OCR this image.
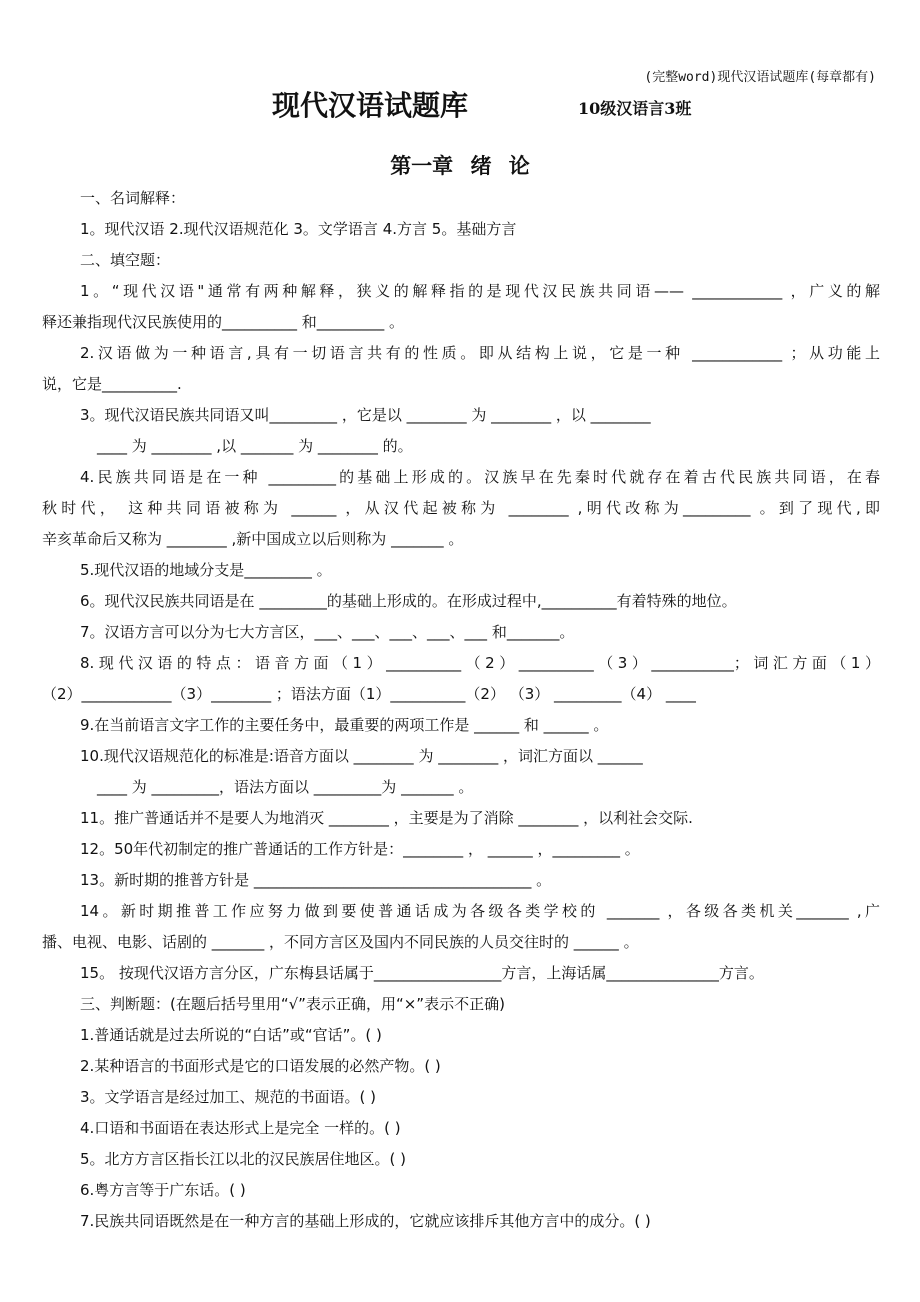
(完整word)现代汉语试题库(每章都有)
现代汉语试题库	10级汉语言3班
第一章 绪 论
一、名词解释：
1。现代汉语 2.现代汉语规范化 3。文学语言 4.方言 5。基础方言
二、填空题：
1。“现代汉语"通常有两种解释，狭义的解释指的是现代汉民族共同语—— ____________ ，广义的解
释还兼指现代汉民族使用的__________ 和_________ 。
2.汉语做为一种语言,具有一切语言共有的性质。即从结构上说，它是一种 ____________ ；从功能上
说，它是__________.
3。现代汉语民族共同语又叫_________ ，它是以 ________ 为 ________ ，以 ________
____ 为 ________ ,以 _______ 为 ________ 的。
4.民族共同语是在一种 _________的基础上形成的。汉族早在先秦时代就存在着古代民族共同语，在春
秋时代， 这种共同语被称为 ______ ，从汉代起被称为 ________ ,明代改称为_________ 。到了现代,即
辛亥革命后又称为 ________ ,新中国成立以后则称为 _______ 。
5.现代汉语的地域分支是_________ 。
6。现代汉民族共同语是在 _________的基础上形成的。在形成过程中,__________有着特殊的地位。
7。汉语方言可以分为七大方言区，___、___、___、___、___ 和_______。
8.现代汉语的特点：语音方面（1）__________（2）__________（3）___________；词汇方面（1）
（2）____________（3）________ ；语法方面（1）__________（2） （3） _________（4） ____
9.在当前语言文字工作的主要任务中，最重要的两项工作是 ______ 和 ______ 。
10.现代汉语规范化的标准是:语音方面以 ________ 为 ________ ，词汇方面以 ______
____ 为 _________，语法方面以 _________为 _______ 。
11。推广普通话并不是要人为地消灭 ________ ，主要是为了消除 ________ ，以利社会交际.
12。50年代初制定的推广普通话的工作方针是：________ ， ______ ，_________ 。
13。新时期的推普方针是 _____________________________________ 。
14。新时期推普工作应努力做到要使普通话成为各级各类学校的 _______ ，各级各类机关_______ ,广
播、电视、电影、话剧的 _______ ，不同方言区及国内不同民族的人员交往时的 ______ 。
15。 按现代汉语方言分区，广东梅县话属于_________________方言，上海话属_______________方言。
三、判断题：(在题后括号里用“√”表示正确，用“×”表示不正确)
1.普通话就是过去所说的“白话”或“官话”。( )
2.某种语言的书面形式是它的口语发展的必然产物。( )
3。文学语言是经过加工、规范的书面语。( )
4.口语和书面语在表达形式上是完全 一样的。( )
5。北方方言区指长江以北的汉民族居住地区。( )
6.粤方言等于广东话。( )
7.民族共同语既然是在一种方言的基础上形成的，它就应该排斥其他方言中的成分。( )
